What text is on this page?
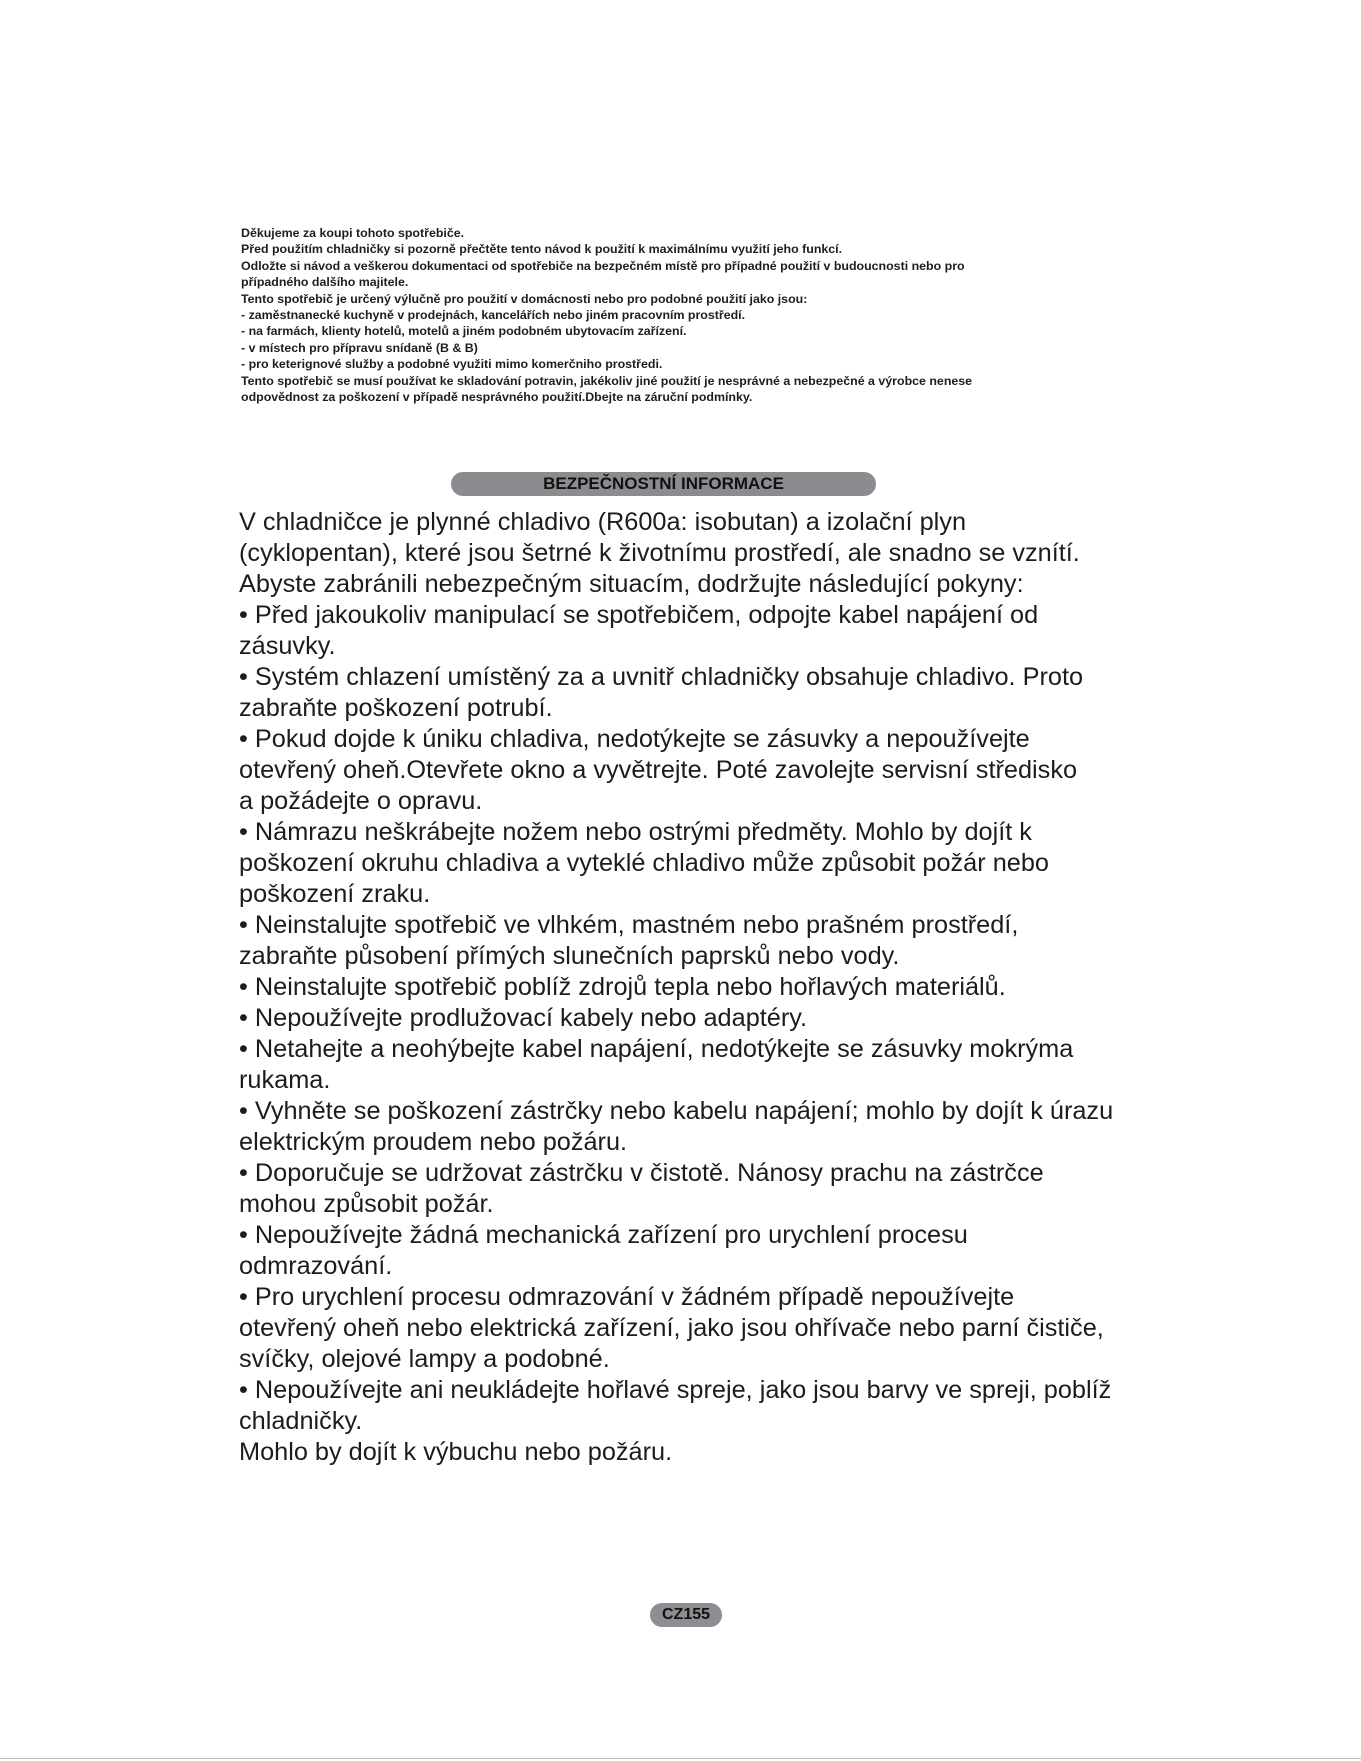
Děkujeme za koupi tohoto spotřebiče.
Před použitím chladničky si pozorně přečtěte tento návod k použití k maximálnímu využití jeho funkcí.
Odložte si návod a veškerou dokumentaci od spotřebiče na bezpečném místě pro případné použití v budoucnosti nebo pro
případného dalšího majitele.
Tento spotřebič je určený výlučně pro použití v domácnosti nebo pro podobné použití jako jsou:
- zaměstnanecké kuchyně v prodejnách, kancelářích nebo jiném pracovním prostředí.
- na farmách, klienty hotelů, motelů a jiném podobném ubytovacím zařízení.
- v místech pro přípravu snídaně (B & B)
- pro keterignové služby a podobné využiti mimo komerčniho prostředi.
Tento spotřebič se musí používat ke skladování potravin, jakékoliv jiné použití je nesprávné a nebezpečné a výrobce nenese
odpovědnost za poškození v případě nesprávného použití.Dbejte na záruční podmínky.
BEZPEČNOSTNÍ INFORMACE
V chladničce je plynné chladivo (R600a: isobutan) a izolační plyn
(cyklopentan), které jsou šetrné k životnímu prostředí, ale snadno se vznítí.
Abyste zabránili nebezpečným situacím, dodržujte následující pokyny:
• Před jakoukoliv manipulací se spotřebičem, odpojte kabel napájení od
zásuvky.
• Systém chlazení umístěný za a uvnitř chladničky obsahuje chladivo. Proto
zabraňte poškození potrubí.
• Pokud dojde k úniku chladiva, nedotýkejte se zásuvky a nepoužívejte
otevřený oheň.Otevřete okno a vyvětrejte. Poté zavolejte servisní středisko
a požádejte o opravu.
• Námrazu neškrábejte nožem nebo ostrými předměty. Mohlo by dojít k
poškození okruhu chladiva a vyteklé chladivo může způsobit požár nebo
poškození zraku.
• Neinstalujte spotřebič ve vlhkém, mastném nebo prašném prostředí,
zabraňte působení přímých slunečních paprsků nebo vody.
• Neinstalujte spotřebič poblíž zdrojů tepla nebo hořlavých materiálů.
• Nepoužívejte prodlužovací kabely nebo adaptéry.
• Netahejte a neohýbejte kabel napájení, nedotýkejte se zásuvky mokrýma
rukama.
• Vyhněte se poškození zástrčky nebo kabelu napájení; mohlo by dojít k úrazu
elektrickým proudem nebo požáru.
• Doporučuje se udržovat zástrčku v čistotě. Nánosy prachu na zástrčce
mohou způsobit požár.
• Nepoužívejte žádná mechanická zařízení pro urychlení procesu
odmrazování.
• Pro urychlení procesu odmrazování v žádném případě nepoužívejte
otevřený oheň nebo elektrická zařízení, jako jsou ohřívače nebo parní čističe,
svíčky, olejové lampy a podobné.
• Nepoužívejte ani neukládejte hořlavé spreje, jako jsou barvy ve spreji, poblíž
chladničky.
Mohlo by dojít k výbuchu nebo požáru.
CZ155
